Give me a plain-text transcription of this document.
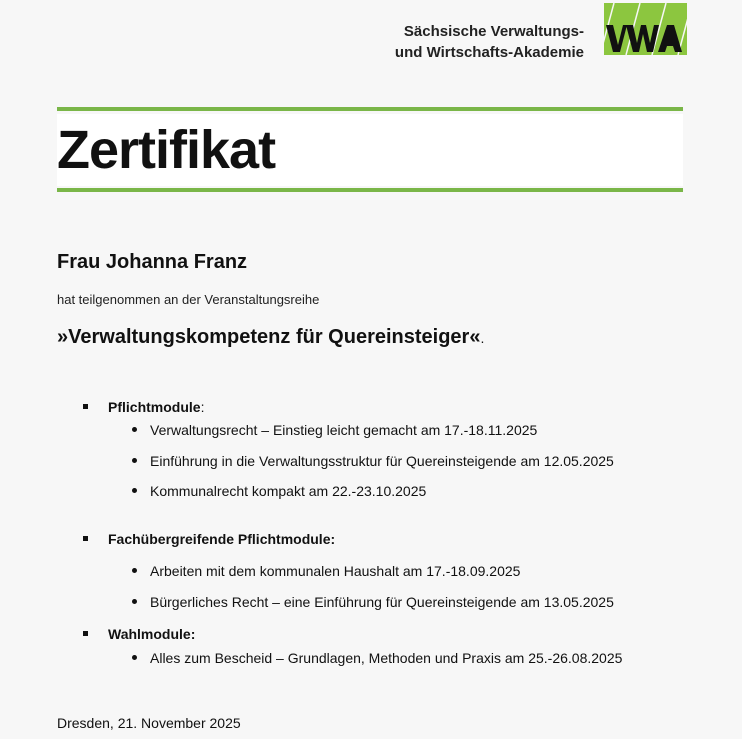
Sächsische Verwaltungs-
und Wirtschafts-Akademie
Zertifikat
Frau Johanna Franz
hat teilgenommen an der Veranstaltungsreihe
»Verwaltungskompetenz für Quereinsteiger«.
Pflichtmodule:
Verwaltungsrecht – Einstieg leicht gemacht am 17.-18.11.2025
Einführung in die Verwaltungsstruktur für Quereinsteigende am 12.05.2025
Kommunalrecht kompakt am 22.-23.10.2025
Fachübergreifende Pflichtmodule:
Arbeiten mit dem kommunalen Haushalt am 17.-18.09.2025
Bürgerliches Recht – eine Einführung für Quereinsteigende am 13.05.2025
Wahlmodule:
Alles zum Bescheid – Grundlagen, Methoden und Praxis am 25.-26.08.2025
Dresden, 21. November 2025
